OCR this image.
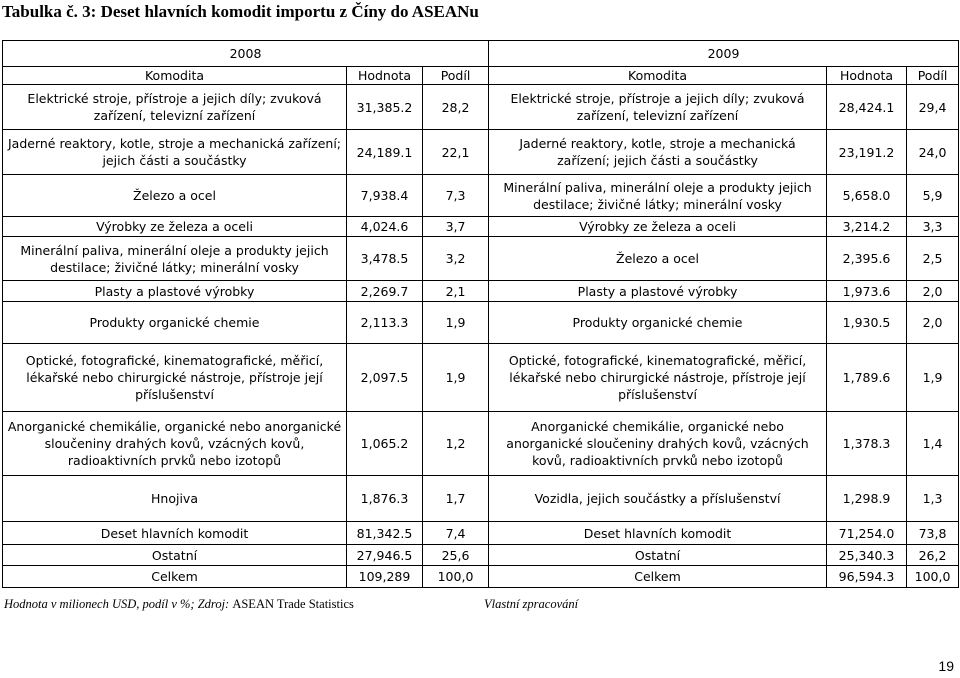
Tabulka č. 3: Deset hlavních komodit importu z Číny do ASEANu
2008			2009		
Komodita	Hodnota	Podíl	Komodita	Hodnota	Podíl
Elektrické stroje, přístroje a jejich díly; zvuková zařízení, televizní zařízení	31,385.2	28,2	Elektrické stroje, přístroje a jejich díly; zvuková zařízení, televizní zařízení	28,424.1	29,4
Jaderné reaktory, kotle, stroje a mechanická zařízení; jejich části a součástky	24,189.1	22,1	Jaderné reaktory, kotle, stroje a mechanická zařízení; jejich části a součástky	23,191.2	24,0
Železo a ocel	7,938.4	7,3	Minerální paliva, minerální oleje a produkty jejich destilace; živičné látky; minerální vosky	5,658.0	5,9
Výrobky ze železa a oceli	4,024.6	3,7	Výrobky ze železa a oceli	3,214.2	3,3
Minerální paliva, minerální oleje a produkty jejich destilace; živičné látky; minerální vosky	3,478.5	3,2	Železo a ocel	2,395.6	2,5
Plasty a plastové výrobky	2,269.7	2,1	Plasty a plastové výrobky	1,973.6	2,0
Produkty organické chemie	2,113.3	1,9	Produkty organické chemie	1,930.5	2,0
Optické, fotografické, kinematografické, měřicí, lékařské nebo chirurgické nástroje, přístroje její příslušenství	2,097.5	1,9	Optické, fotografické, kinematografické, měřicí, lékařské nebo chirurgické nástroje, přístroje její příslušenství	1,789.6	1,9
Anorganické chemikálie, organické nebo anorganické sloučeniny drahých kovů, vzácných kovů, radioaktivních prvků nebo izotopů	1,065.2	1,2	Anorganické chemikálie, organické nebo anorganické sloučeniny drahých kovů, vzácných kovů, radioaktivních prvků nebo izotopů	1,378.3	1,4
Hnojiva	1,876.3	1,7	Vozidla, jejich součástky a příslušenství	1,298.9	1,3
Deset hlavních komodit	81,342.5	7,4	Deset hlavních komodit	71,254.0	73,8
Ostatní	27,946.5	25,6	Ostatní	25,340.3	26,2
Celkem	109,289	100,0	Celkem	96,594.3	100,0
Hodnota v milionech USD, podíl v %; Zdroj: ASEAN Trade Statistics	Vlastní zpracování
19
